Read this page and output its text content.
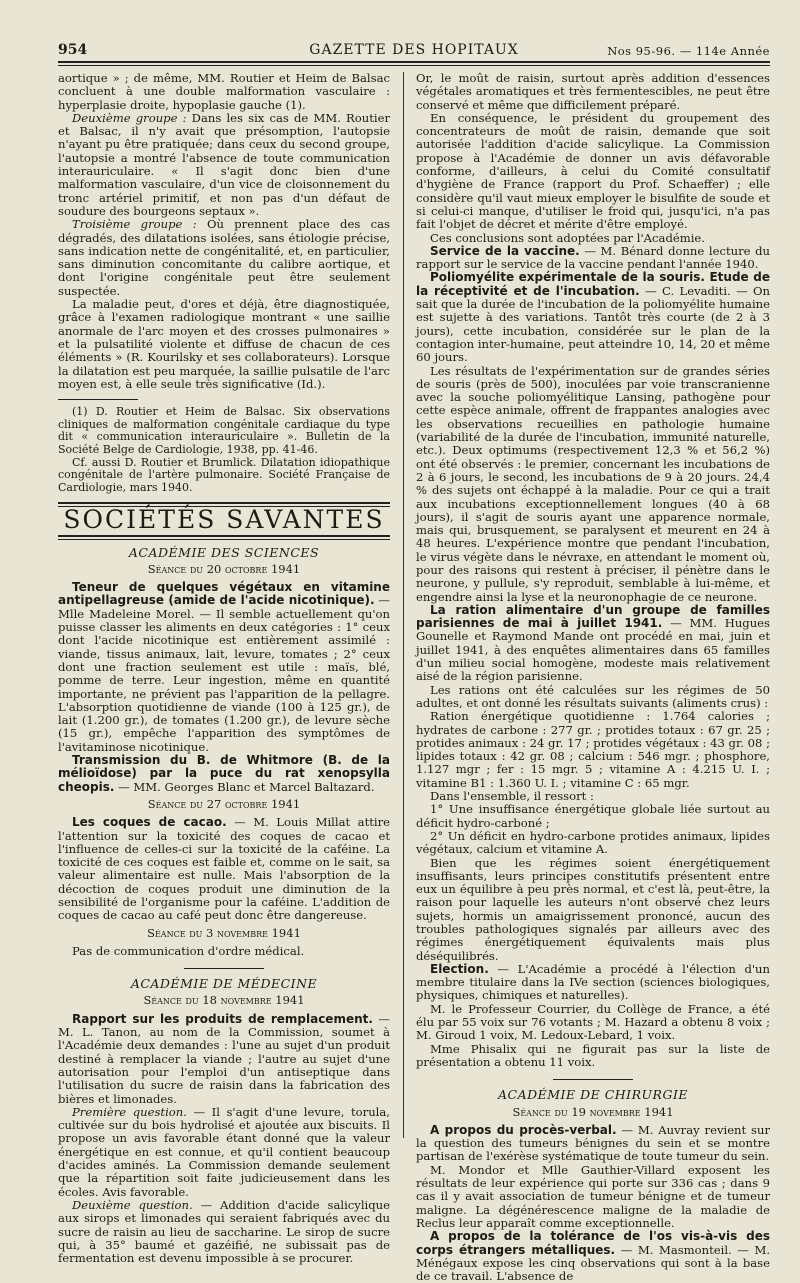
954	GAZETTE DES HOPITAUX	Nos 95-96. — 114e Année

aortique » ; de même, MM. Routier et Heim de Balsac concluent à une double malformation vasculaire : hyperplasie droite, hypoplasie gauche (1).

Deuxième groupe : Dans les six cas de MM. Routier et Balsac, il n'y avait que présomption, l'autopsie n'ayant pu être pratiquée; dans ceux du second groupe, l'autopsie a montré l'absence de toute communication interauriculaire. « Il s'agit donc bien d'une malformation vasculaire, d'un vice de cloisonnement du tronc artériel primitif, et non pas d'un défaut de soudure des bourgeons septaux ».

Troisième groupe : Où prennent place des cas dégradés, des dilatations isolées, sans étiologie précise, sans indication nette de congénitalité, et, en particulier, sans diminution concomitante du calibre aortique, et dont l'origine congénitale peut être seulement suspectée.

La maladie peut, d'ores et déjà, être diagnostiquée, grâce à l'examen radiologique montrant « une saillie anormale de l'arc moyen et des crosses pulmonaires » et la pulsatilité violente et diffuse de chacun de ces éléments » (R. Kourilsky et ses collaborateurs). Lorsque la dilatation est peu marquée, la saillie pulsatile de l'arc moyen est, à elle seule très significative (Id.).

(1) D. Routier et Heim de Balsac. Six observations cliniques de malformation congénitale cardiaque du type dit « communication interauriculaire ». Bulletin de la Société Belge de Cardiologie, 1938, pp. 41-46.

Cf. aussi D. Routier et Brumlick. Dilatation idiopathique congénitale de l'artère pulmonaire. Société Française de Cardiologie, mars 1940.

SOCIÉTÉS SAVANTES
ACADÉMIE DES SCIENCES
Séance du 20 octobre 1941

Teneur de quelques végétaux en vitamine antipellagreuse (amide de l'acide nicotinique). — Mlle Madeleine Morel. — Il semble actuellement qu'on puisse classer les aliments en deux catégories : 1° ceux dont l'acide nicotinique est entièrement assimilé : viande, tissus animaux, lait, levure, tomates ; 2° ceux dont une fraction seulement est utile : maïs, blé, pomme de terre. Leur ingestion, même en quantité importante, ne prévient pas l'apparition de la pellagre. L'absorption quotidienne de viande (100 à 125 gr.), de lait (1.200 gr.), de tomates (1.200 gr.), de levure sèche (15 gr.), empêche l'apparition des symptômes de l'avitaminose nicotinique.

Transmission du B. de Whitmore (B. de la mélioïdose) par la puce du rat xenopsylla cheopis. — MM. Georges Blanc et Marcel Baltazard.

Séance du 27 octobre 1941

Les coques de cacao. — M. Louis Millat attire l'attention sur la toxicité des coques de cacao et l'influence de celles-ci sur la toxicité de la caféine. La toxicité de ces coques est faible et, comme on le sait, sa valeur alimentaire est nulle. Mais l'absorption de la décoction de coques produit une diminution de la sensibilité de l'organisme pour la caféine. L'addition de coques de cacao au café peut donc être dangereuse.

Séance du 3 novembre 1941

Pas de communication d'ordre médical.

ACADÉMIE DE MÉDECINE
Séance du 18 novembre 1941

Rapport sur les produits de remplacement. — M. L. Tanon, au nom de la Commission, soumet à l'Académie deux demandes : l'une au sujet d'un produit destiné à remplacer la viande ; l'autre au sujet d'une autorisation pour l'emploi d'un antiseptique dans l'utilisation du sucre de raisin dans la fabrication des bières et limonades.

Première question. — Il s'agit d'une levure, torula, cultivée sur du bois hydrolisé et ajoutée aux biscuits. Il propose un avis favorable étant donné que la valeur énergétique en est connue, et qu'il contient beaucoup d'acides aminés. La Commission demande seulement que la répartition soit faite judicieusement dans les écoles. Avis favorable.

Deuxième question. — Addition d'acide salicylique aux sirops et limonades qui seraient fabriqués avec du sucre de raisin au lieu de saccharine. Le sirop de sucre qui, à 35° baumé et gazéifié, ne subissait pas de fermentation est devenu impossible à se procurer.

Or, le moût de raisin, surtout après addition d'essences végétales aromatiques et très fermentescibles, ne peut être conservé et même que difficilement préparé.

En conséquence, le président du groupement des concentrateurs de moût de raisin, demande que soit autorisée l'addition d'acide salicylique. La Commission propose à l'Académie de donner un avis défavorable conforme, d'ailleurs, à celui du Comité consultatif d'hygiène de France (rapport du Prof. Schaeffer) ; elle considère qu'il vaut mieux employer le bisulfite de soude et si celui-ci manque, d'utiliser le froid qui, jusqu'ici, n'a pas fait l'objet de décret et mérite d'être employé.

Ces conclusions sont adoptées par l'Académie.

Service de la vaccine. — M. Bénard donne lecture du rapport sur le service de la vaccine pendant l'année 1940.

Poliomyélite expérimentale de la souris. Etude de la réceptivité et de l'incubation. — C. Levaditi. — On sait que la durée de l'incubation de la poliomyélite humaine est sujette à des variations. Tantôt très courte (de 2 à 3 jours), cette incubation, considérée sur le plan de la contagion inter-humaine, peut atteindre 10, 14, 20 et même 60 jours.

Les résultats de l'expérimentation sur de grandes séries de souris (près de 500), inoculées par voie transcranienne avec la souche poliomyélitique Lansing, pathogène pour cette espèce animale, offrent de frappantes analogies avec les observations recueillies en pathologie humaine (variabilité de la durée de l'incubation, immunité naturelle, etc.). Deux optimums (respectivement 12,3 % et 56,2 %) ont été observés : le premier, concernant les incubations de 2 à 6 jours, le second, les incubations de 9 à 20 jours. 24,4 % des sujets ont échappé à la maladie. Pour ce qui a trait aux incubations exceptionnellement longues (40 à 68 jours), il s'agit de souris ayant une apparence normale, mais qui, brusquement, se paralysent et meurent en 24 à 48 heures. L'expérience montre que pendant l'incubation, le virus végète dans le névraxe, en attendant le moment où, pour des raisons qui restent à préciser, il pénètre dans le neurone, y pullule, s'y reproduit, semblable à lui-même, et engendre ainsi la lyse et la neuronophagie de ce neurone.

La ration alimentaire d'un groupe de familles parisiennes de mai à juillet 1941. — MM. Hugues Gounelle et Raymond Mande ont procédé en mai, juin et juillet 1941, à des enquêtes alimentaires dans 65 familles d'un milieu social homogène, modeste mais relativement aisé de la région parisienne.

Les rations ont été calculées sur les régimes de 50 adultes, et ont donné les résultats suivants (aliments crus) :

Ration énergétique quotidienne : 1.764 calories ; hydrates de carbone : 277 gr. ; protides totaux : 67 gr. 25 ; protides animaux : 24 gr. 17 ; protides végétaux : 43 gr. 08 ; lipides totaux : 42 gr. 08 ; calcium : 546 mgr. ; phosphore, 1.127 mgr ; fer : 15 mgr. 5 ; vitamine A : 4.215 U. I. ; vitamine B1 : 1.360 U. I. ; vitamine C : 65 mgr.

Dans l'ensemble, il ressort :

1° Une insuffisance énergétique globale liée surtout au déficit hydro-carboné ;

2° Un déficit en hydro-carbone protides animaux, lipides végétaux, calcium et vitamine A.

Bien que les régimes soient énergétiquement insuffisants, leurs principes constitutifs présentent entre eux un équilibre à peu près normal, et c'est là, peut-être, la raison pour laquelle les auteurs n'ont observé chez leurs sujets, hormis un amaigrissement prononcé, aucun des troubles pathologiques signalés par ailleurs avec des régimes énergétiquement équivalents mais plus déséquilibrés.

Election. — L'Académie a procédé à l'élection d'un membre titulaire dans la IVe section (sciences biologiques, physiques, chimiques et naturelles).

M. le Professeur Courrier, du Collège de France, a été élu par 55 voix sur 76 votants ; M. Hazard a obtenu 8 voix ; M. Giroud 1 voix, M. Ledoux-Lebard, 1 voix.

Mme Phisalix qui ne figurait pas sur la liste de présentation a obtenu 11 voix.

ACADÉMIE DE CHIRURGIE
Séance du 19 novembre 1941

A propos du procès-verbal. — M. Auvray revient sur la question des tumeurs bénignes du sein et se montre partisan de l'exérèse systématique de toute tumeur du sein.

M. Mondor et Mlle Gauthier-Villard exposent les résultats de leur expérience qui porte sur 336 cas ; dans 9 cas il y avait association de tumeur bénigne et de tumeur maligne. La dégénérescence maligne de la maladie de Reclus leur apparaît comme exceptionnelle.

A propos de la tolérance de l'os vis-à-vis des corps étrangers métalliques. — M. Masmonteil. — M. Ménégaux expose les cinq observations qui sont à la base de ce travail. L'absence de
